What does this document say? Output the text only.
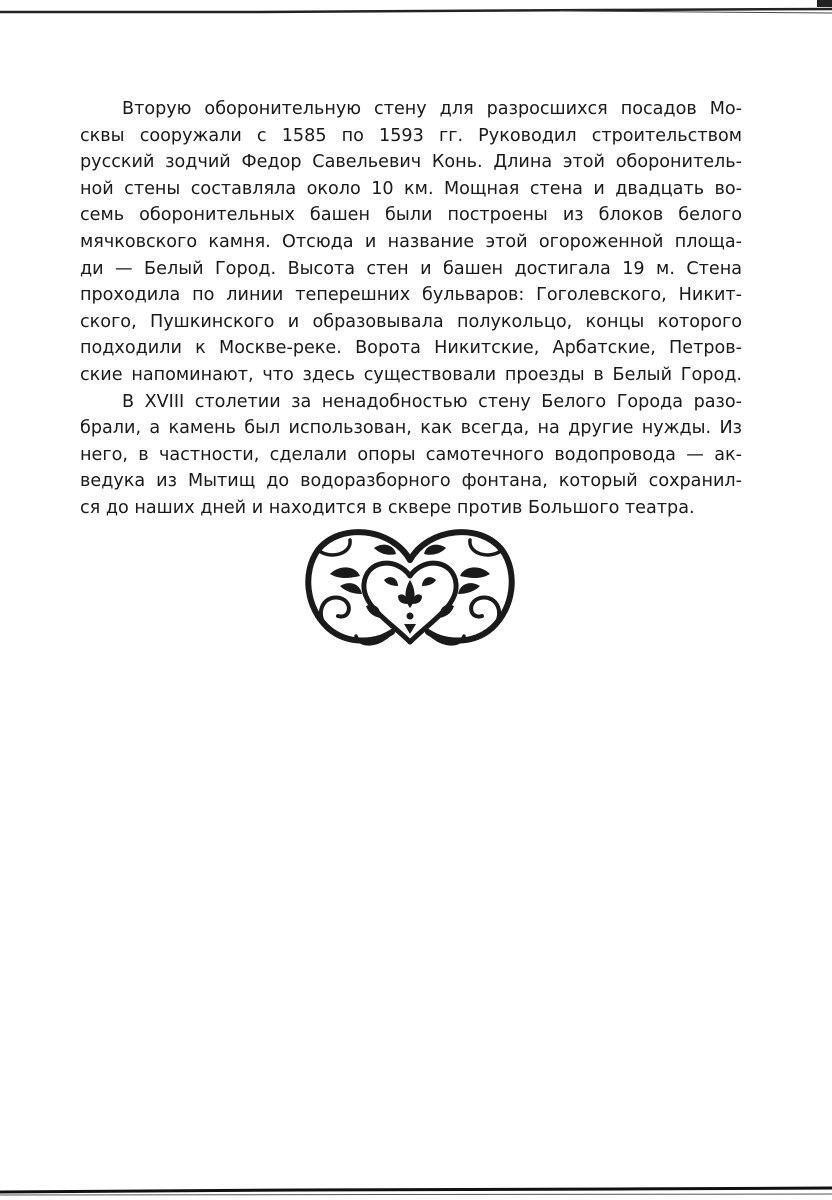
Вторую оборонительную стену для разросшихся посадов Мо-
сквы сооружали с 1585 по 1593 гг. Руководил строительством
русский зодчий Федор Савельевич Конь. Длина этой оборонитель-
ной стены составляла около 10 км. Мощная стена и двадцать во-
семь оборонительных башен были построены из блоков белого
мячковского камня. Отсюда и название этой огороженной площа-
ди — Белый Город. Высота стен и башен достигала 19 м. Стена
проходила по линии теперешних бульваров: Гоголевского, Никит-
ского, Пушкинского и образовывала полукольцо, концы которого
подходили к Москве-реке. Ворота Никитские, Арбатские, Петров-
ские напоминают, что здесь существовали проезды в Белый Город.
В XVIII столетии за ненадобностью стену Белого Города разо-
брали, а камень был использован, как всегда, на другие нужды. Из
него, в частности, сделали опоры самотечного водопровода — ак-
ведука из Мытищ до водоразборного фонтана, который сохранил-
ся до наших дней и находится в сквере против Большого театра.
